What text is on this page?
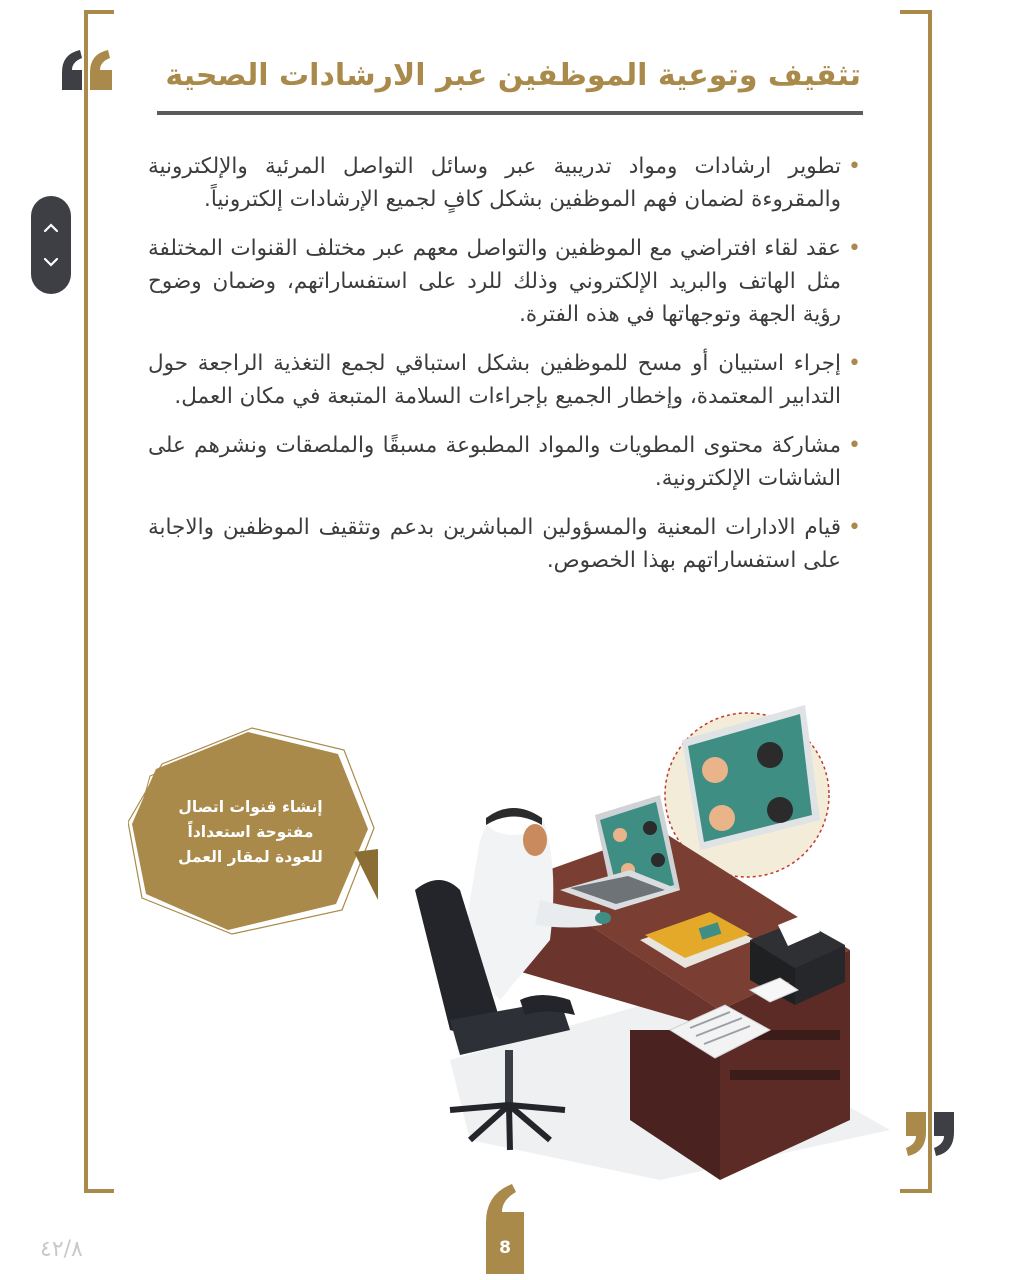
تثقيف وتوعية الموظفين عبر الارشادات الصحية
• تطوير ارشادات ومواد تدريبية عبر وسائل التواصل المرئية والإلكترونية والمقروءة لضمان فهم الموظفين بشكل كافٍ لجميع الإرشادات إلكترونياً.
• عقد لقاء افتراضي مع الموظفين والتواصل معهم عبر مختلف القنوات المختلفة مثل الهاتف والبريد الإلكتروني وذلك للرد على استفساراتهم، وضمان وضوح رؤية الجهة وتوجهاتها في هذه الفترة.
• إجراء استبيان أو مسح للموظفين بشكل استباقي لجمع التغذية الراجعة حول التدابير المعتمدة، وإخطار الجميع بإجراءات السلامة المتبعة في مكان العمل.
• مشاركة محتوى المطويات والمواد المطبوعة مسبقًا والملصقات ونشرهم على الشاشات الإلكترونية.
• قيام الادارات المعنية والمسؤولين المباشرين بدعم وتثقيف الموظفين والاجابة على استفساراتهم بهذا الخصوص.
إنشاء قنوات اتصال
مفتوحة استعداداً
للعودة لمقار العمل
8
٤٢/٨
